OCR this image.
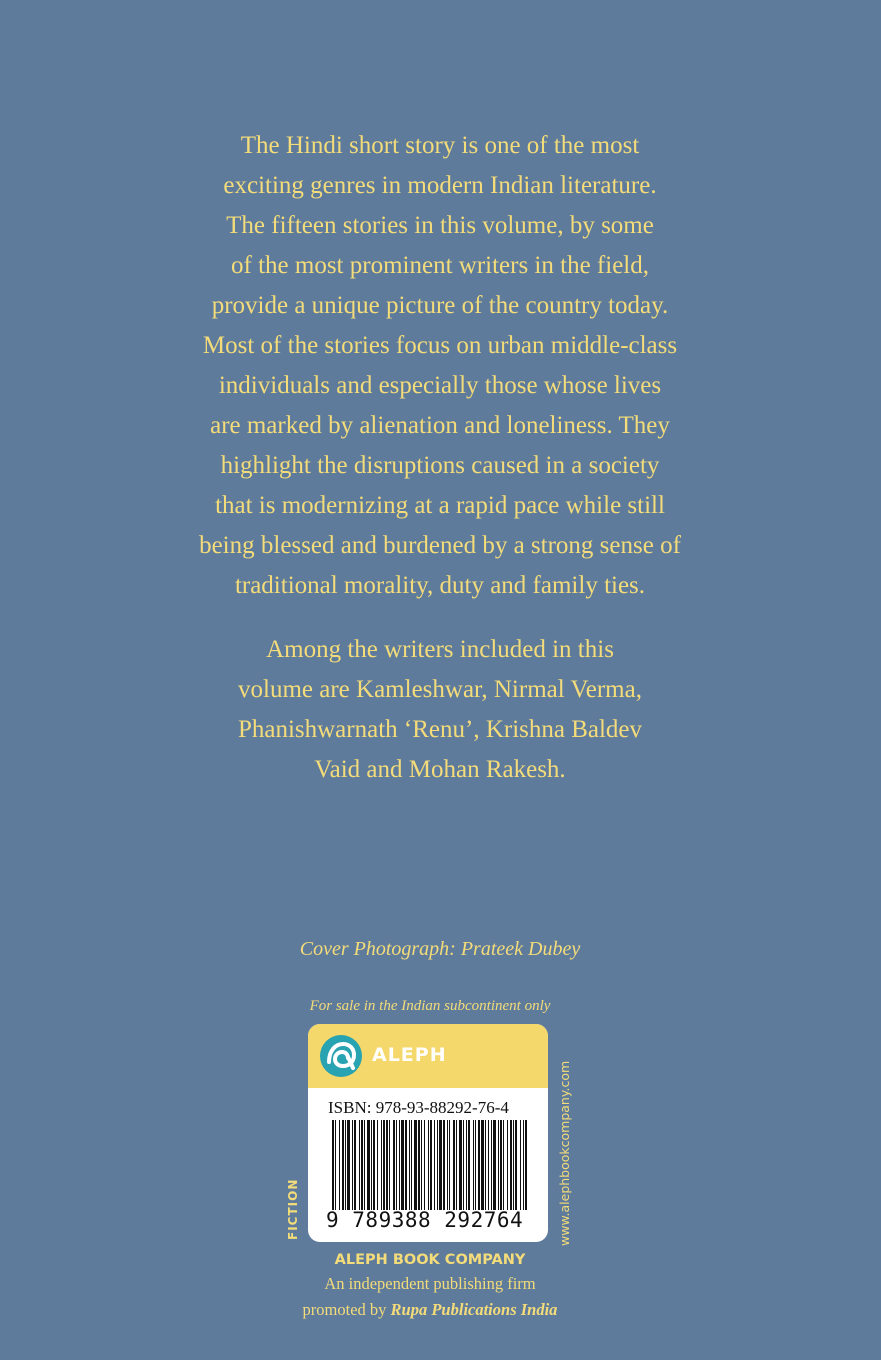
The Hindi short story is one of the most
exciting genres in modern Indian literature.
The fifteen stories in this volume, by some
of the most prominent writers in the field,
provide a unique picture of the country today.
Most of the stories focus on urban middle-class
individuals and especially those whose lives
are marked by alienation and loneliness. They
highlight the disruptions caused in a society
that is modernizing at a rapid pace while still
being blessed and burdened by a strong sense of
traditional morality, duty and family ties.
Among the writers included in this
volume are Kamleshwar, Nirmal Verma,
Phanishwarnath ‘Renu’, Krishna Baldev
Vaid and Mohan Rakesh.
Cover Photograph: Prateek Dubey
For sale in the Indian subcontinent only
ALEPH
ISBN: 978-93-88292-76-4
9 789388 292764
FICTION	www.alephbookcompany.com
ALEPH BOOK COMPANY
An independent publishing firm
promoted by Rupa Publications India
